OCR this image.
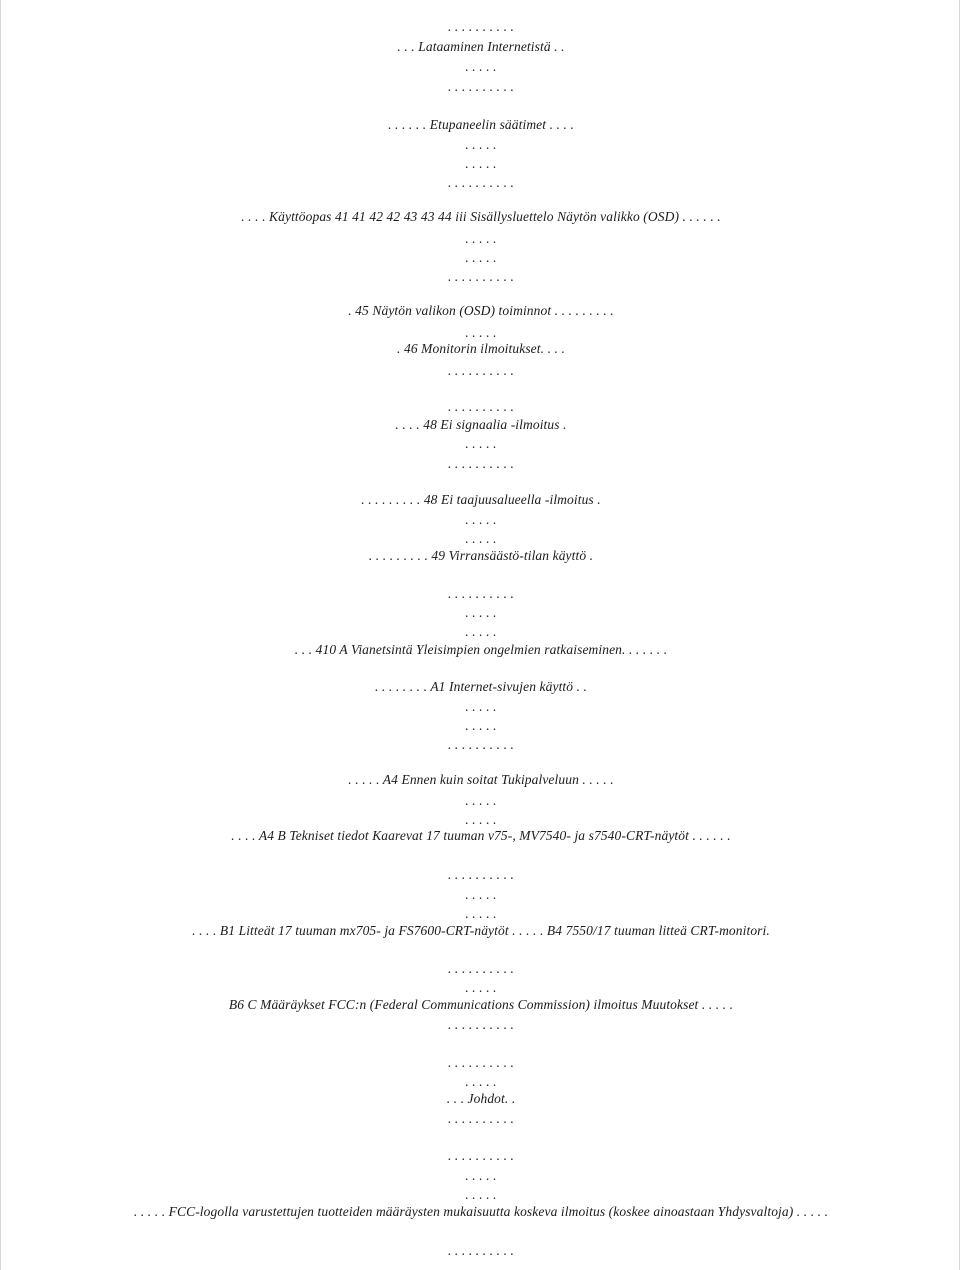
. . . . . . . . . .
. . . Lataaminen Internetistä . .
. . . . .
. . . . . . . . . .
. . . . . . Etupaneelin säätimet . . . .
. . . . .
. . . . .
. . . . . . . . . .
. . . . Käyttöopas 41 41 42 42 43 43 44 iii Sisällysluettelo Näytön valikko (OSD) . . . . . .
. . . . .
. . . . .
. . . . . . . . . .
. 45 Näytön valikon (OSD) toiminnot . . . . . . . . .
. . . . .
. 46 Monitorin ilmoitukset. . . .
. . . . . . . . . .
. . . . . . . . . .
. . . . 48 Ei signaalia -ilmoitus .
. . . . .
. . . . . . . . . .
. . . . . . . . . 48 Ei taajuusalueella -ilmoitus .
. . . . .
. . . . .
. . . . . . . . . 49 Virransäästö-tilan käyttö .
. . . . . . . . . .
. . . . .
. . . . .
. . . 410 A Vianetsintä Yleisimpien ongelmien ratkaiseminen. . . . . . .
. . . . . . . . A1 Internet-sivujen käyttö . .
. . . . .
. . . . .
. . . . . . . . . .
. . . . . A4 Ennen kuin soitat Tukipalveluun . . . . .
. . . . .
. . . . .
. . . . A4 B Tekniset tiedot Kaarevat 17 tuuman v75-, MV7540- ja s7540-CRT-näytöt . . . . . .
. . . . . . . . . .
. . . . .
. . . . .
. . . . B1 Litteät 17 tuuman mx705- ja FS7600-CRT-näytöt . . . . . B4 7550/17 tuuman litteä CRT-monitori.
. . . . . . . . . .
. . . . .
B6 C Määräykset FCC:n (Federal Communications Commission) ilmoitus Muutokset . . . . .
. . . . . . . . . .
. . . . . . . . . .
. . . . .
. . . Johdot. .
. . . . . . . . . .
. . . . . . . . . .
. . . . .
. . . . .
. . . . . FCC-logolla varustettujen tuotteiden määräysten mukaisuutta koskeva ilmoitus (koskee ainoastaan Yhdysvaltoja) . . . . .
. . . . . . . . . .
